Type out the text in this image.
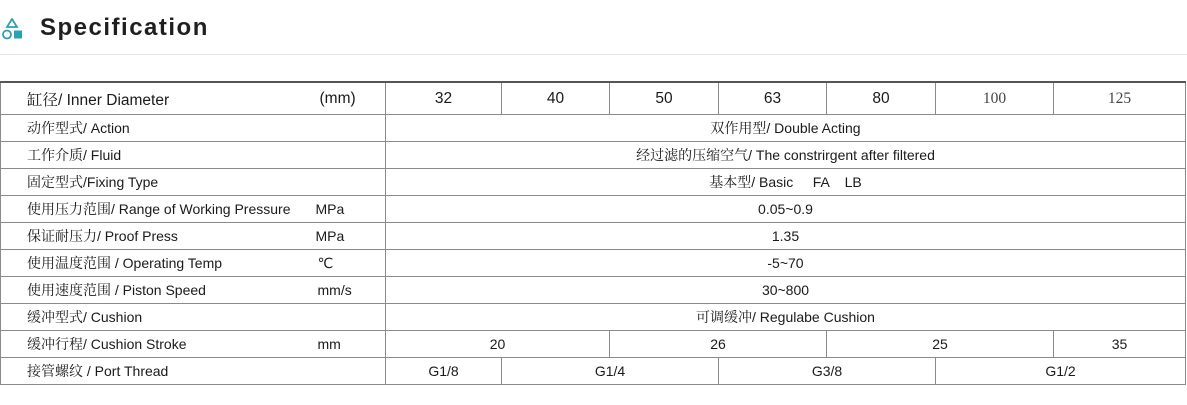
Specification
缸径/ Inner Diameter	(mm)	32	40	50	63	80	100	125
动作型式/ Action		双作用型/ Double Acting						
工作介质/ Fluid		经过滤的压缩空气/ The constrirgent after filtered						
固定型式/Fixing Type		基本型/ Basic     FA    LB						
使用压力范围/ Range of Working Pressure	MPa	0.05~0.9						
保证耐压力/ Proof Press	MPa	1.35						
使用温度范围 / Operating Temp	℃	-5~70						
使用速度范围 / Piston Speed	mm/s	30~800						
缓冲型式/ Cushion		可调缓冲/ Regulabe Cushion						
缓冲行程/ Cushion Stroke	mm	20		26		25		35
接管螺纹 / Port Thread		G1/8	G1/4		G3/8		G1/2	
